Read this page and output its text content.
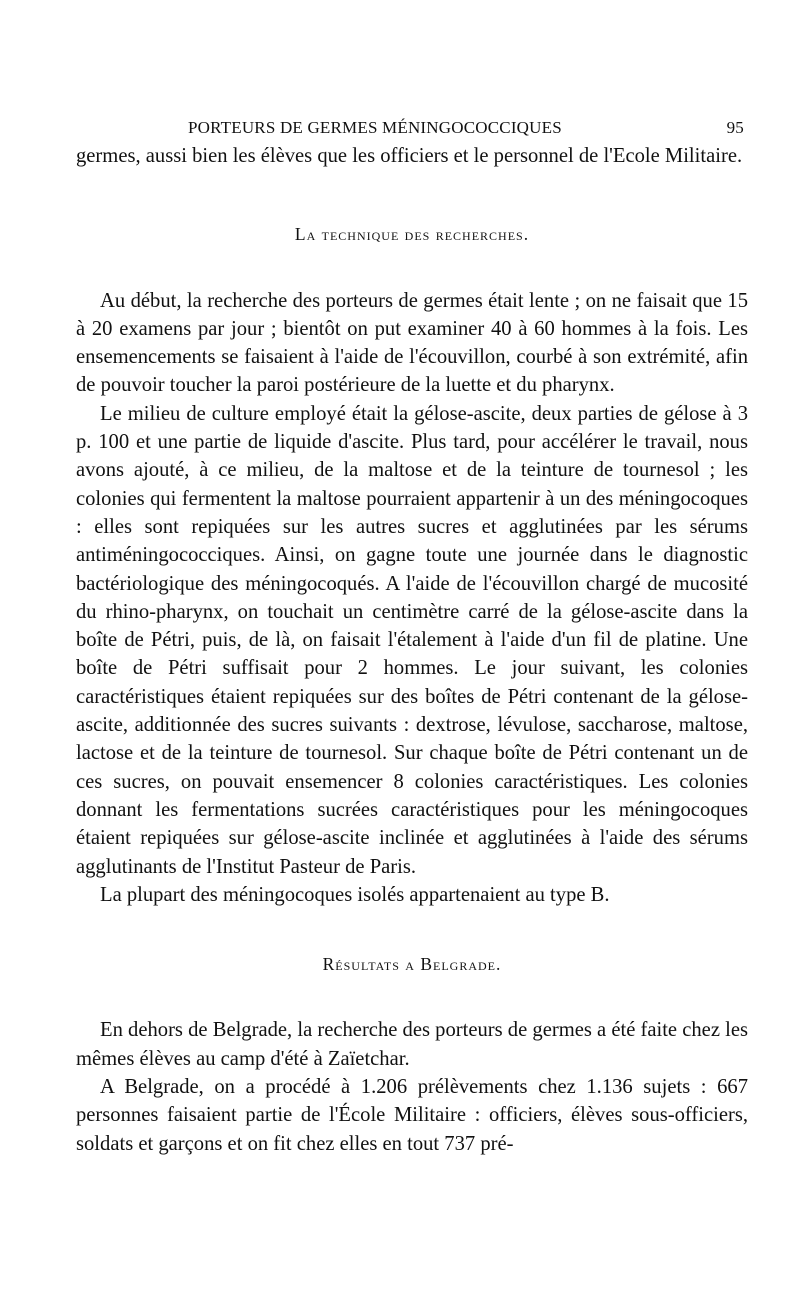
PORTEURS DE GERMES MÉNINGOCOCCIQUES	95

germes, aussi bien les élèves que les officiers et le personnel de l'Ecole Militaire.

La technique des recherches.

Au début, la recherche des porteurs de germes était lente ; on ne faisait que 15 à 20 examens par jour ; bientôt on put examiner 40 à 60 hommes à la fois. Les ensemencements se faisaient à l'aide de l'écouvillon, courbé à son extrémité, afin de pouvoir toucher la paroi postérieure de la luette et du pharynx.

Le milieu de culture employé était la gélose-ascite, deux parties de gélose à 3 p. 100 et une partie de liquide d'ascite. Plus tard, pour accélérer le travail, nous avons ajouté, à ce milieu, de la maltose et de la teinture de tournesol ; les colonies qui fermentent la maltose pourraient appartenir à un des méningocoques : elles sont repiquées sur les autres sucres et agglutinées par les sérums antiméningococciques. Ainsi, on gagne toute une journée dans le diagnostic bactériologique des méningocoqués. A l'aide de l'écouvillon chargé de mucosité du rhino-pharynx, on touchait un centimètre carré de la gélose-ascite dans la boîte de Pétri, puis, de là, on faisait l'étalement à l'aide d'un fil de platine. Une boîte de Pétri suffisait pour 2 hommes. Le jour suivant, les colonies caractéristiques étaient repiquées sur des boîtes de Pétri contenant de la gélose-ascite, additionnée des sucres suivants : dextrose, lévulose, saccharose, maltose, lactose et de la teinture de tournesol. Sur chaque boîte de Pétri contenant un de ces sucres, on pouvait ensemencer 8 colonies caractéristiques. Les colonies donnant les fermentations sucrées caractéristiques pour les méningocoques étaient repiquées sur gélose-ascite inclinée et agglutinées à l'aide des sérums agglutinants de l'Institut Pasteur de Paris.

La plupart des méningocoques isolés appartenaient au type B.

Résultats a Belgrade.

En dehors de Belgrade, la recherche des porteurs de germes a été faite chez les mêmes élèves au camp d'été à Zaïetchar.

A Belgrade, on a procédé à 1.206 prélèvements chez 1.136 sujets : 667 personnes faisaient partie de l'École Militaire : officiers, élèves sous-officiers, soldats et garçons et on fit chez elles en tout 737 pré-
